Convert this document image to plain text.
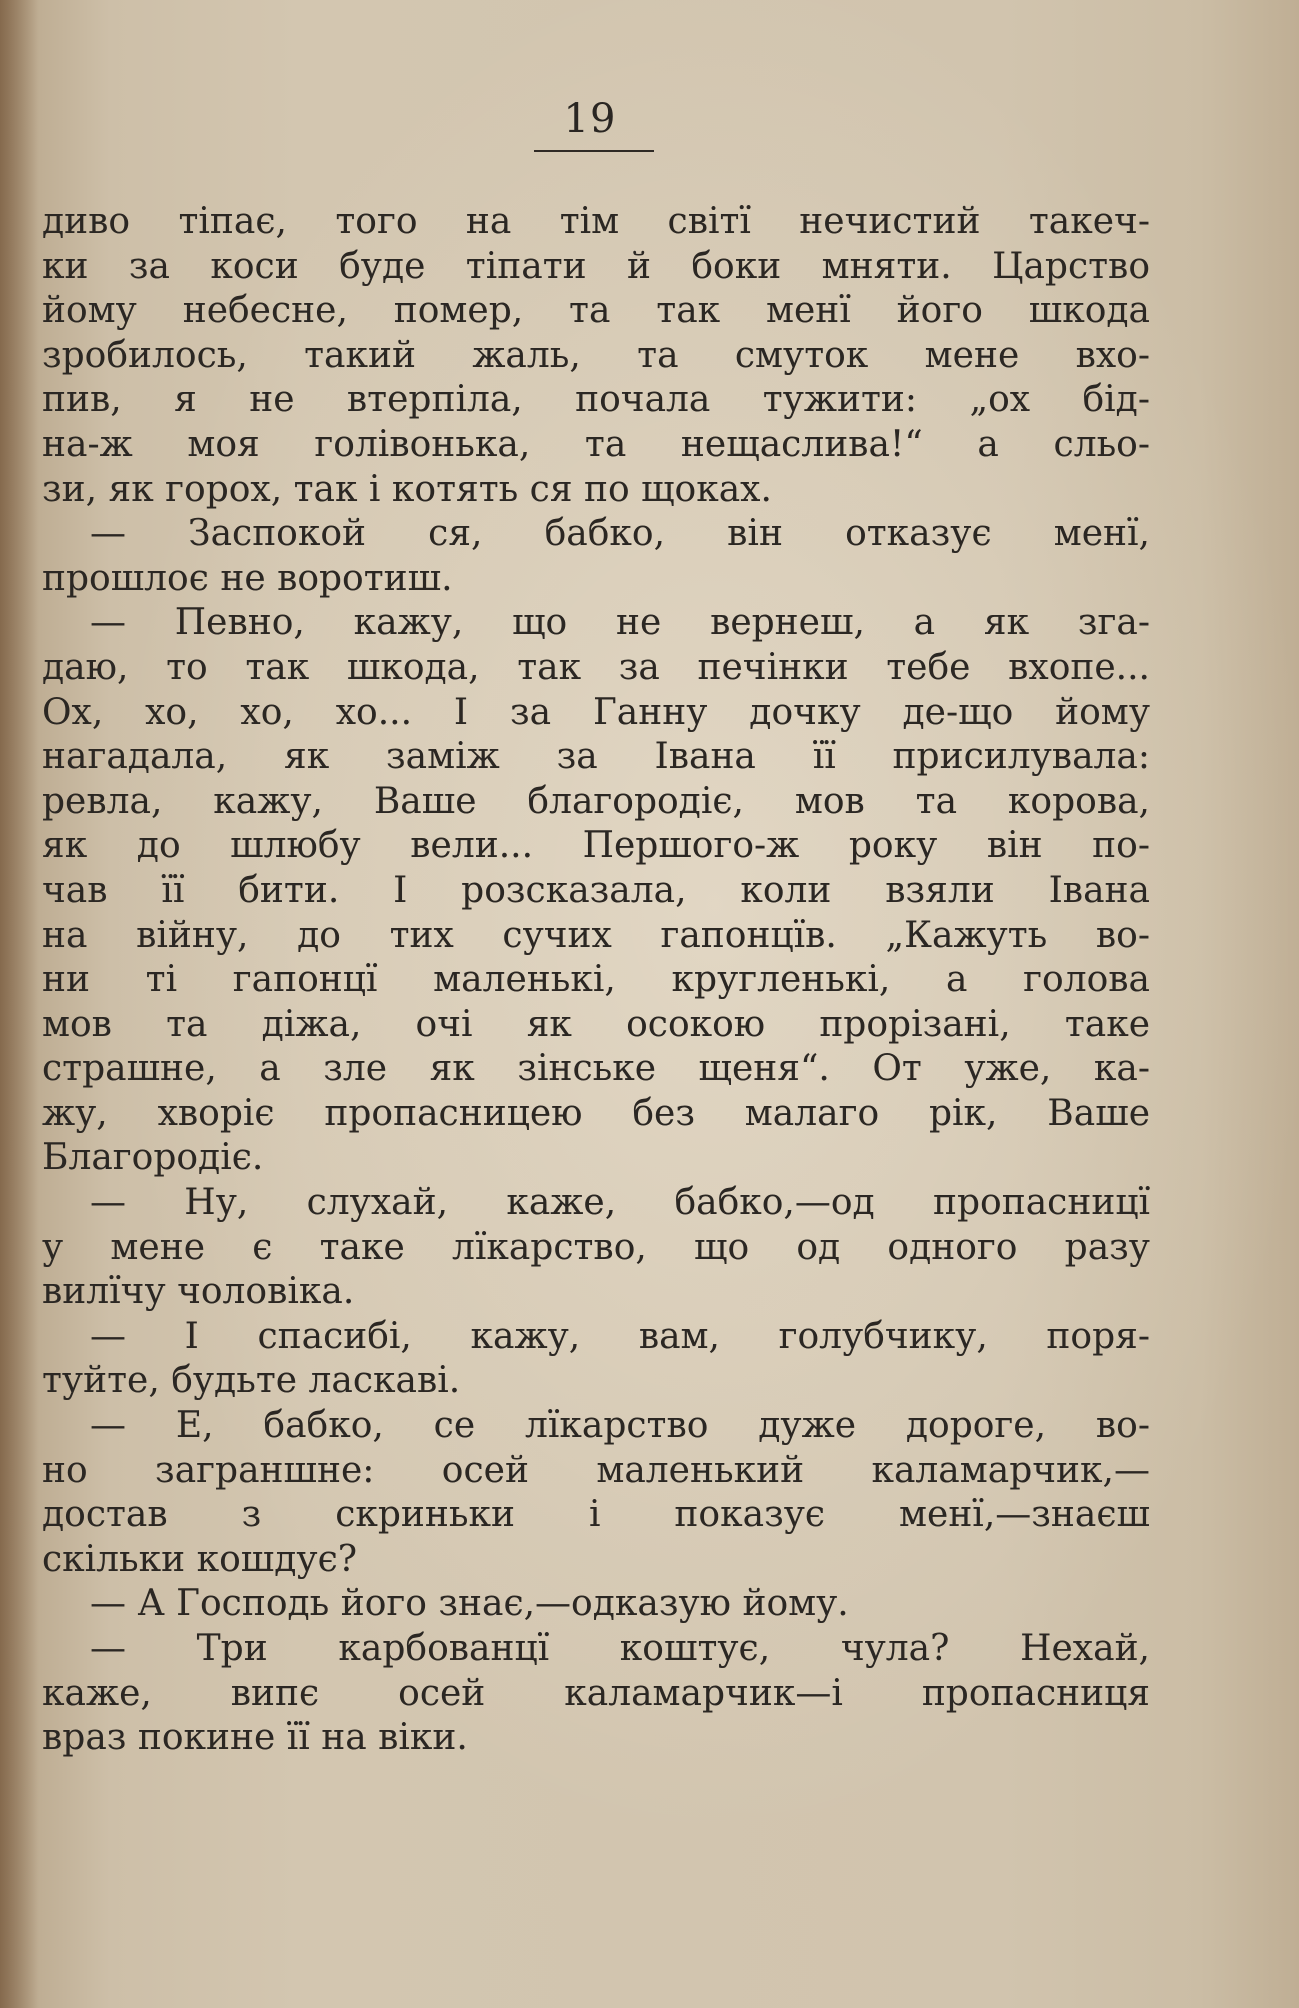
19
диво тіпає, того на тім світї нечистий такеч-
ки за коси буде тіпати й боки мняти. Царство
йому небесне, помер, та так менї його шкода
зробилось, такий жаль, та смуток мене вхо-
пив, я не втерпіла, почала тужити: „ох бід-
на-ж моя голівонька, та нещаслива!“ а сльо-
зи, як горох, так і котять ся по щоках.
— Заспокой ся, бабко, він отказує менї,
прошлоє не воротиш.
— Певно, кажу, що не вернеш, а як зга-
даю, то так шкода, так за печінки тебе вхопе...
Ох, хо, хо, хо... І за Ганну дочку де-що йому
нагадала, як заміж за Івана її присилувала:
ревла, кажу, Ваше благородіє, мов та корова,
як до шлюбу вели... Першого-ж року він по-
чав її бити. І розсказала, коли взяли Івана
на війну, до тих сучих гапонцїв. „Кажуть во-
ни ті гапонцї маленькі, кругленькі, а голова
мов та діжа, очі як осокою прорізані, таке
страшне, а зле як зінське щеня“. От уже, ка-
жу, хворіє пропасницею без малаго рік, Ваше
Благородіє.
— Ну, слухай, каже, бабко,—од пропасницї
у мене є таке лїкарство, що од одного разу
вилїчу чоловіка.
— І спасибі, кажу, вам, голубчику, поря-
туйте, будьте ласкаві.
— Е, бабко, се лїкарство дуже дороге, во-
но заграншне: осей маленький каламарчик,—
достав з скриньки і показує менї,—знаєш
скільки кошдує?
— А Господь його знає,—одказую йому.
— Три карбованцї коштує, чула? Нехай,
каже, випє осей каламарчик—і пропасниця
враз покине її на віки.
